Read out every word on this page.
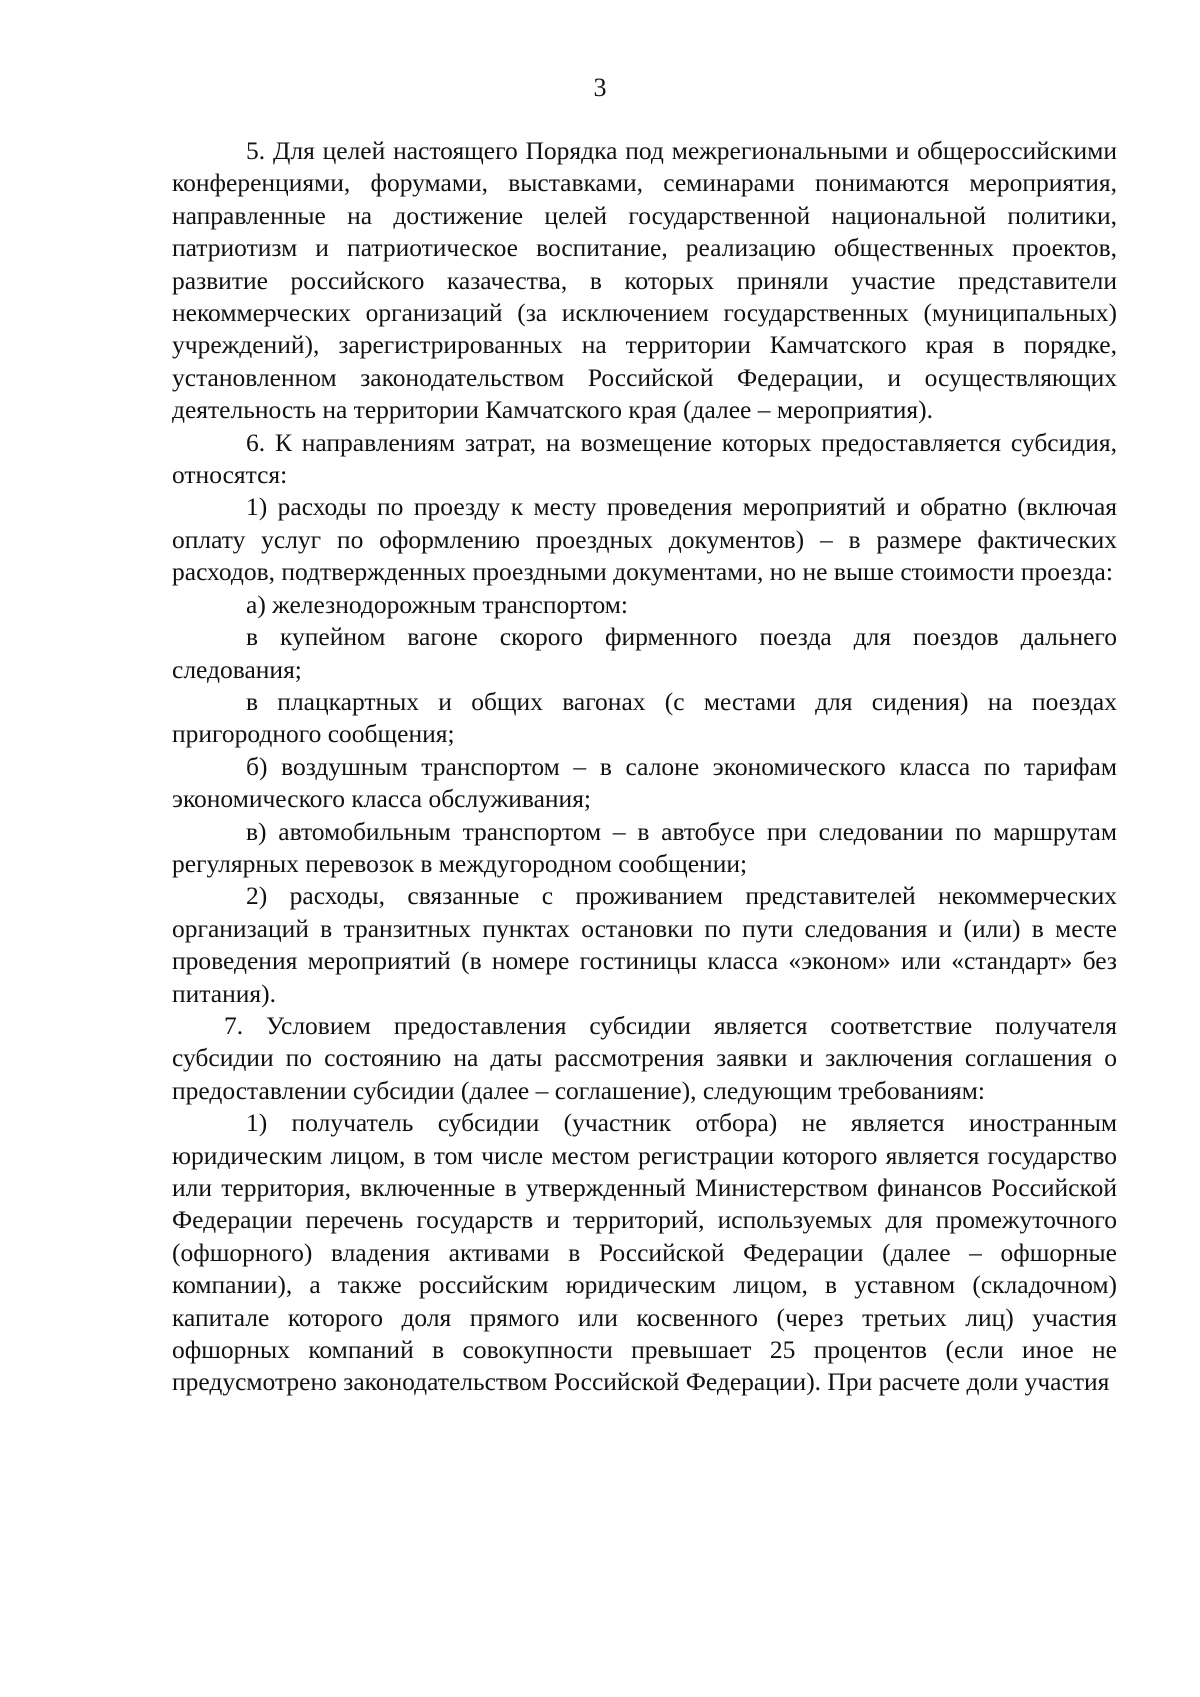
3

5. Для целей настоящего Порядка под межрегиональными и общероссийскими конференциями, форумами, выставками, семинарами понимаются мероприятия, направленные на достижение целей государственной национальной политики, патриотизм и патриотическое воспитание, реализацию общественных проектов, развитие российского казачества, в которых приняли участие представители некоммерческих организаций (за исключением государственных (муниципальных) учреждений), зарегистрированных на территории Камчатского края в порядке, установленном законодательством Российской Федерации, и осуществляющих деятельность на территории Камчатского края (далее – мероприятия).

6. К направлениям затрат, на возмещение которых предоставляется субсидия, относятся:

1) расходы по проезду к месту проведения мероприятий и обратно (включая оплату услуг по оформлению проездных документов) – в размере фактических расходов, подтвержденных проездными документами, но не выше стоимости проезда:

а) железнодорожным транспортом:

в купейном вагоне скорого фирменного поезда для поездов дальнего следования;

в плацкартных и общих вагонах (с местами для сидения) на поездах пригородного сообщения;

б) воздушным транспортом – в салоне экономического класса по тарифам экономического класса обслуживания;

в) автомобильным транспортом – в автобусе при следовании по маршрутам регулярных перевозок в междугородном сообщении;

2) расходы, связанные с проживанием представителей некоммерческих организаций в транзитных пунктах остановки по пути следования и (или) в месте проведения мероприятий (в номере гостиницы класса «эконом» или «стандарт» без питания).

7. Условием предоставления субсидии является соответствие получателя субсидии по состоянию на даты рассмотрения заявки и заключения соглашения о предоставлении субсидии (далее – соглашение), следующим требованиям:

1) получатель субсидии (участник отбора) не является иностранным юридическим лицом, в том числе местом регистрации которого является государство или территория, включенные в утвержденный Министерством финансов Российской Федерации перечень государств и территорий, используемых для промежуточного (офшорного) владения активами в Российской Федерации (далее – офшорные компании), а также российским юридическим лицом, в уставном (складочном) капитале которого доля прямого или косвенного (через третьих лиц) участия офшорных компаний в совокупности превышает 25 процентов (если иное не предусмотрено законодательством Российской Федерации). При расчете доли участия
